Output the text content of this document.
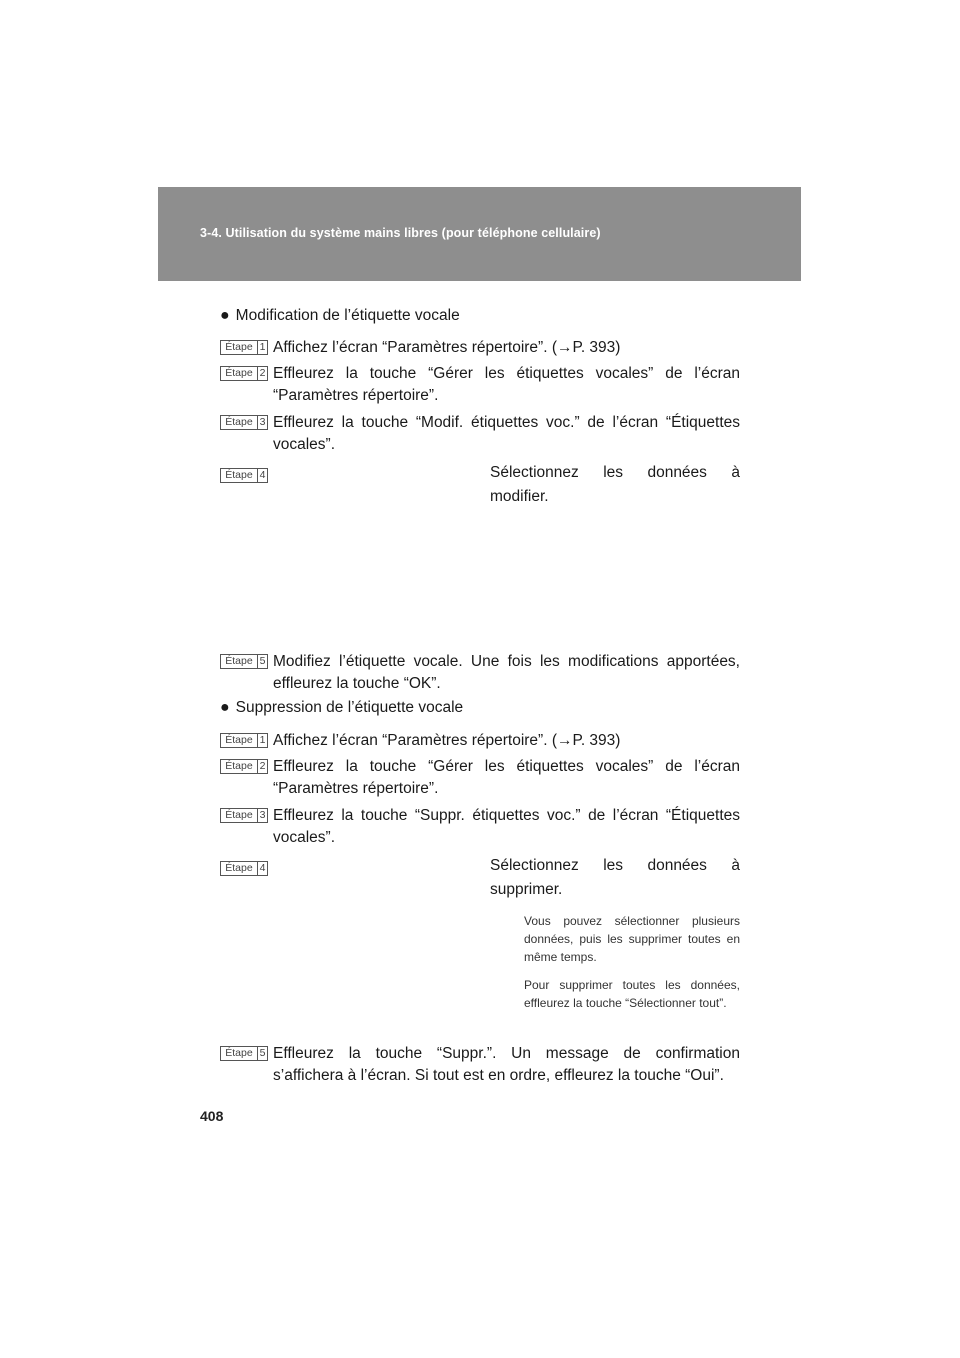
3-4. Utilisation du système mains libres (pour téléphone cellulaire)
● Modification de l’étiquette vocale
Étape 1 Affichez l’écran “Paramètres répertoire”. (→P. 393)
Étape 2 Effleurez la touche “Gérer les étiquettes vocales” de l’écran “Paramètres répertoire”.
Étape 3 Effleurez la touche “Modif. étiquettes voc.” de l’écran “Étiquettes vocales”.
Étape 4	Sélectionnez les données à modifier.
Étape 5 Modifiez l’étiquette vocale. Une fois les modifications apportées, effleurez la touche “OK”.
● Suppression de l’étiquette vocale
Étape 1 Affichez l’écran “Paramètres répertoire”. (→P. 393)
Étape 2 Effleurez la touche “Gérer les étiquettes vocales” de l’écran “Paramètres répertoire”.
Étape 3 Effleurez la touche “Suppr. étiquettes voc.” de l’écran “Étiquettes vocales”.
Étape 4	Sélectionnez les données à supprimer.
Vous pouvez sélectionner plusieurs données, puis les supprimer toutes en même temps.
Pour supprimer toutes les données, effleurez la touche “Sélectionner tout”.
Étape 5 Effleurez la touche “Suppr.”. Un message de confirmation s’affichera à l’écran. Si tout est en ordre, effleurez la touche “Oui”.
408
